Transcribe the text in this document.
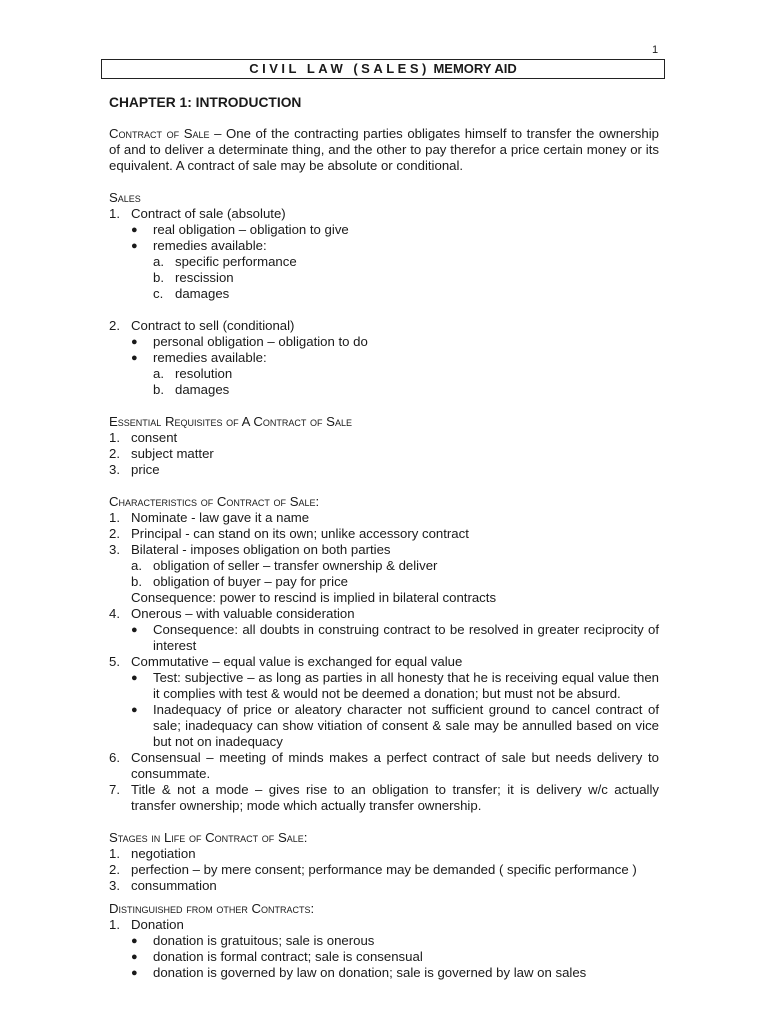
1
CIVIL LAW (SALES) MEMORY AID
CHAPTER 1: INTRODUCTION
Contract of Sale – One of the contracting parties obligates himself to transfer the ownership of and to deliver a determinate thing, and the other to pay therefor a price certain money or its equivalent. A contract of sale may be absolute or conditional.
Sales
1. Contract of sale (absolute)
●	real obligation – obligation to give
●	remedies available:
a. specific performance
b. rescission
c. damages
2. Contract to sell (conditional)
●	personal obligation – obligation to do
●	remedies available:
a. resolution
b. damages
Essential Requisites of A Contract of Sale
1. consent
2. subject matter
3. price
Characteristics of Contract of Sale:
1. Nominate - law gave it a name
2. Principal - can stand on its own; unlike accessory contract
3. Bilateral - imposes obligation on both parties
a. obligation of seller – transfer ownership & deliver
b. obligation of buyer – pay for price
Consequence: power to rescind is implied in bilateral contracts
4. Onerous – with valuable consideration
●	Consequence: all doubts in construing contract to be resolved in greater reciprocity of interest
5. Commutative – equal value is exchanged for equal value
●	Test: subjective – as long as parties in all honesty that he is receiving equal value then it complies with test & would not be deemed a donation; but must not be absurd.
●	Inadequacy of price or aleatory character not sufficient ground to cancel contract of sale; inadequacy can show vitiation of consent & sale may be annulled based on vice but not on inadequacy
6. Consensual – meeting of minds makes a perfect contract of sale but needs delivery to consummate.
7. Title & not a mode – gives rise to an obligation to transfer; it is delivery w/c actually transfer ownership; mode which actually transfer ownership.
Stages in Life of Contract of Sale:
1. negotiation
2. perfection – by mere consent; performance may be demanded ( specific performance )
3. consummation
Distinguished from other Contracts:
1. Donation
●	donation is gratuitous; sale is onerous
●	donation is formal contract; sale is consensual
●	donation is governed by law on donation; sale is governed by law on sales
